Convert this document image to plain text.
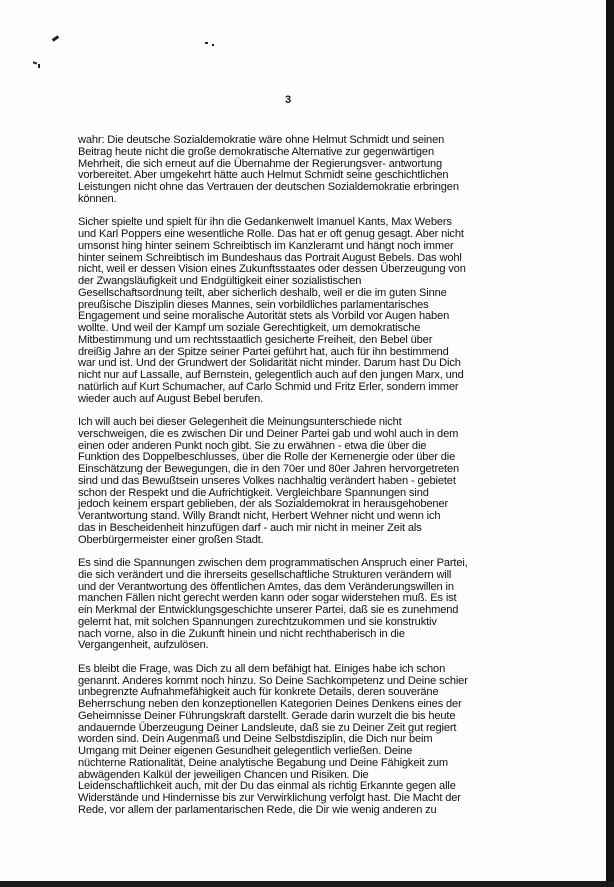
3
wahr: Die deutsche Sozialdemokratie wäre ohne Helmut Schmidt und seinen
Beitrag heute nicht die große demokratische Alternative zur gegenwärtigen
Mehrheit, die sich erneut auf die Übernahme der Regierungsver- antwortung
vorbereitet. Aber umgekehrt hätte auch Helmut Schmidt seine geschichtlichen
Leistungen nicht ohne das Vertrauen der deutschen Sozialdemokratie erbringen
können.
Sicher spielte und spielt für ihn die Gedankenwelt Imanuel Kants, Max Webers
und Karl Poppers eine wesentliche Rolle. Das hat er oft genug gesagt. Aber nicht
umsonst hing hinter seinem Schreibtisch im Kanzleramt und hängt noch immer
hinter seinem Schreibtisch im Bundeshaus das Portrait August Bebels. Das wohl
nicht, weil er dessen Vision eines Zukunftsstaates oder dessen Überzeugung von
der Zwangsläufigkeit und Endgültigkeit einer sozialistischen
Gesellschaftsordnung teilt, aber sicherlich deshalb, weil er die im guten Sinne
preußische Disziplin dieses Mannes, sein vorbildliches parlamentarisches
Engagement und seine moralische Autorität stets als Vorbild vor Augen haben
wollte. Und weil der Kampf um soziale Gerechtigkeit, um demokratische
Mitbestimmung und um rechtsstaatlich gesicherte Freiheit, den Bebel über
dreißig Jahre an der Spitze seiner Partei geführt hat, auch für ihn bestimmend
war und ist. Und der Grundwert der Solidarität nicht minder. Darum hast Du Dich
nicht nur auf Lassalle, auf Bernstein, gelegentlich auch auf den jungen Marx, und
natürlich auf Kurt Schumacher, auf Carlo Schmid und Fritz Erler, sondern immer
wieder auch auf August Bebel berufen.
Ich will auch bei dieser Gelegenheit die Meinungsunterschiede nicht
verschweigen, die es zwischen Dir und Deiner Partei gab und wohl auch in dem
einen oder anderen Punkt noch gibt. Sie zu erwähnen - etwa die über die
Funktion des Doppelbeschlusses, über die Rolle der Kernenergie oder über die
Einschätzung der Bewegungen, die in den 70er und 80er Jahren hervorgetreten
sind und das Bewußtsein unseres Volkes nachhaltig verändert haben - gebietet
schon der Respekt und die Aufrichtigkeit. Vergleichbare Spannungen sind
jedoch keinem erspart geblieben, der als Sozialdemokrat in herausgehobener
Verantwortung stand. Willy Brandt nicht, Herbert Wehner nicht und wenn ich
das in Bescheidenheit hinzufügen darf - auch mir nicht in meiner Zeit als
Oberbürgermeister einer großen Stadt.
Es sind die Spannungen zwischen dem programmatischen Anspruch einer Partei,
die sich verändert und die ihrerseits gesellschaftliche Strukturen verändern will
und der Verantwortung des öffentlichen Amtes, das dem Veränderungswillen in
manchen Fällen nicht gerecht werden kann oder sogar widerstehen muß. Es ist
ein Merkmal der Entwicklungsgeschichte unserer Partei, daß sie es zunehmend
gelernt hat, mit solchen Spannungen zurechtzukommen und sie konstruktiv
nach vorne, also in die Zukunft hinein und nicht rechthaberisch in die
Vergangenheit, aufzulösen.
Es bleibt die Frage, was Dich zu all dem befähigt hat. Einiges habe ich schon
genannt. Anderes kommt noch hinzu. So Deine Sachkompetenz und Deine schier
unbegrenzte Aufnahmefähigkeit auch für konkrete Details, deren souveräne
Beherrschung neben den konzeptionellen Kategorien Deines Denkens eines der
Geheimnisse Deiner Führungskraft darstellt. Gerade darin wurzelt die bis heute
andauernde Überzeugung Deiner Landsleute, daß sie zu Deiner Zeit gut regiert
worden sind. Dein Augenmaß und Deine Selbstdisziplin, die Dich nur beim
Umgang mit Deiner eigenen Gesundheit gelegentlich verließen. Deine
nüchterne Rationalität, Deine analytische Begabung und Deine Fähigkeit zum
abwägenden Kalkül der jeweiligen Chancen und Risiken. Die
Leidenschaftlichkeit auch, mit der Du das einmal als richtig Erkannte gegen alle
Widerstände und Hindernisse bis zur Verwirklichung verfolgt hast. Die Macht der
Rede, vor allem der parlamentarischen Rede, die Dir wie wenig anderen zu
